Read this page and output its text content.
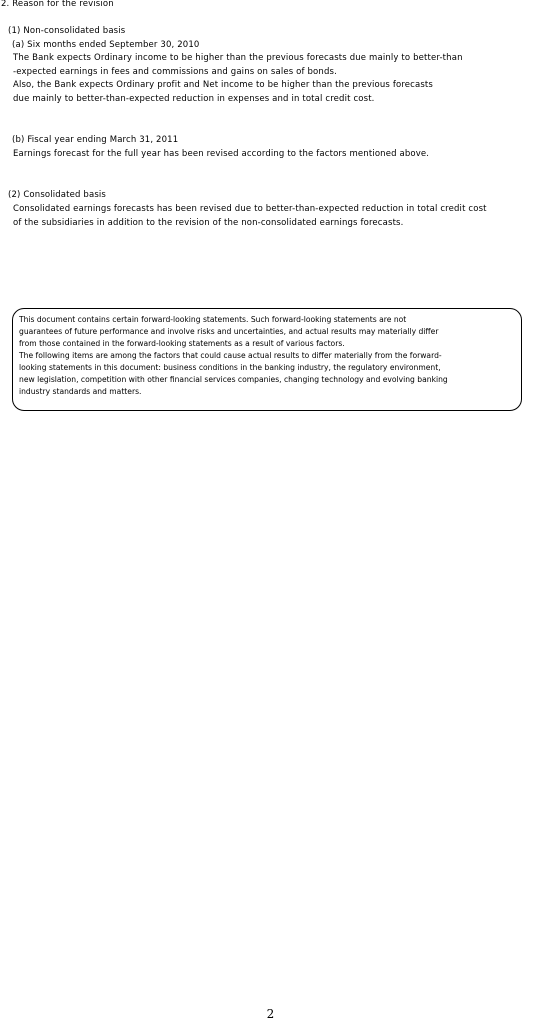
2. Reason for the revision
(1) Non-consolidated basis
(a) Six months ended September 30, 2010
The Bank expects Ordinary income to be higher than the previous forecasts due mainly to better-than
-expected earnings in fees and commissions and gains on sales of bonds.
Also, the Bank expects Ordinary profit and Net income to be higher than the previous forecasts
due mainly to better-than-expected reduction in expenses and in total credit cost.
(b) Fiscal year ending March 31, 2011
Earnings forecast for the full year has been revised according to the factors mentioned above.
(2) Consolidated basis
Consolidated earnings forecasts has been revised due to better-than-expected reduction in total credit cost
of the subsidiaries in addition to the revision of the non-consolidated earnings forecasts.
This document contains certain forward-looking statements. Such forward-looking statements are not
guarantees of future performance and involve risks and uncertainties, and actual results may materially differ
from those contained in the forward-looking statements as a result of various factors.
The following items are among the factors that could cause actual results to differ materially from the forward-
looking statements in this document: business conditions in the banking industry, the regulatory environment,
new legislation, competition with other financial services companies, changing technology and evolving banking
industry standards and matters.
2
